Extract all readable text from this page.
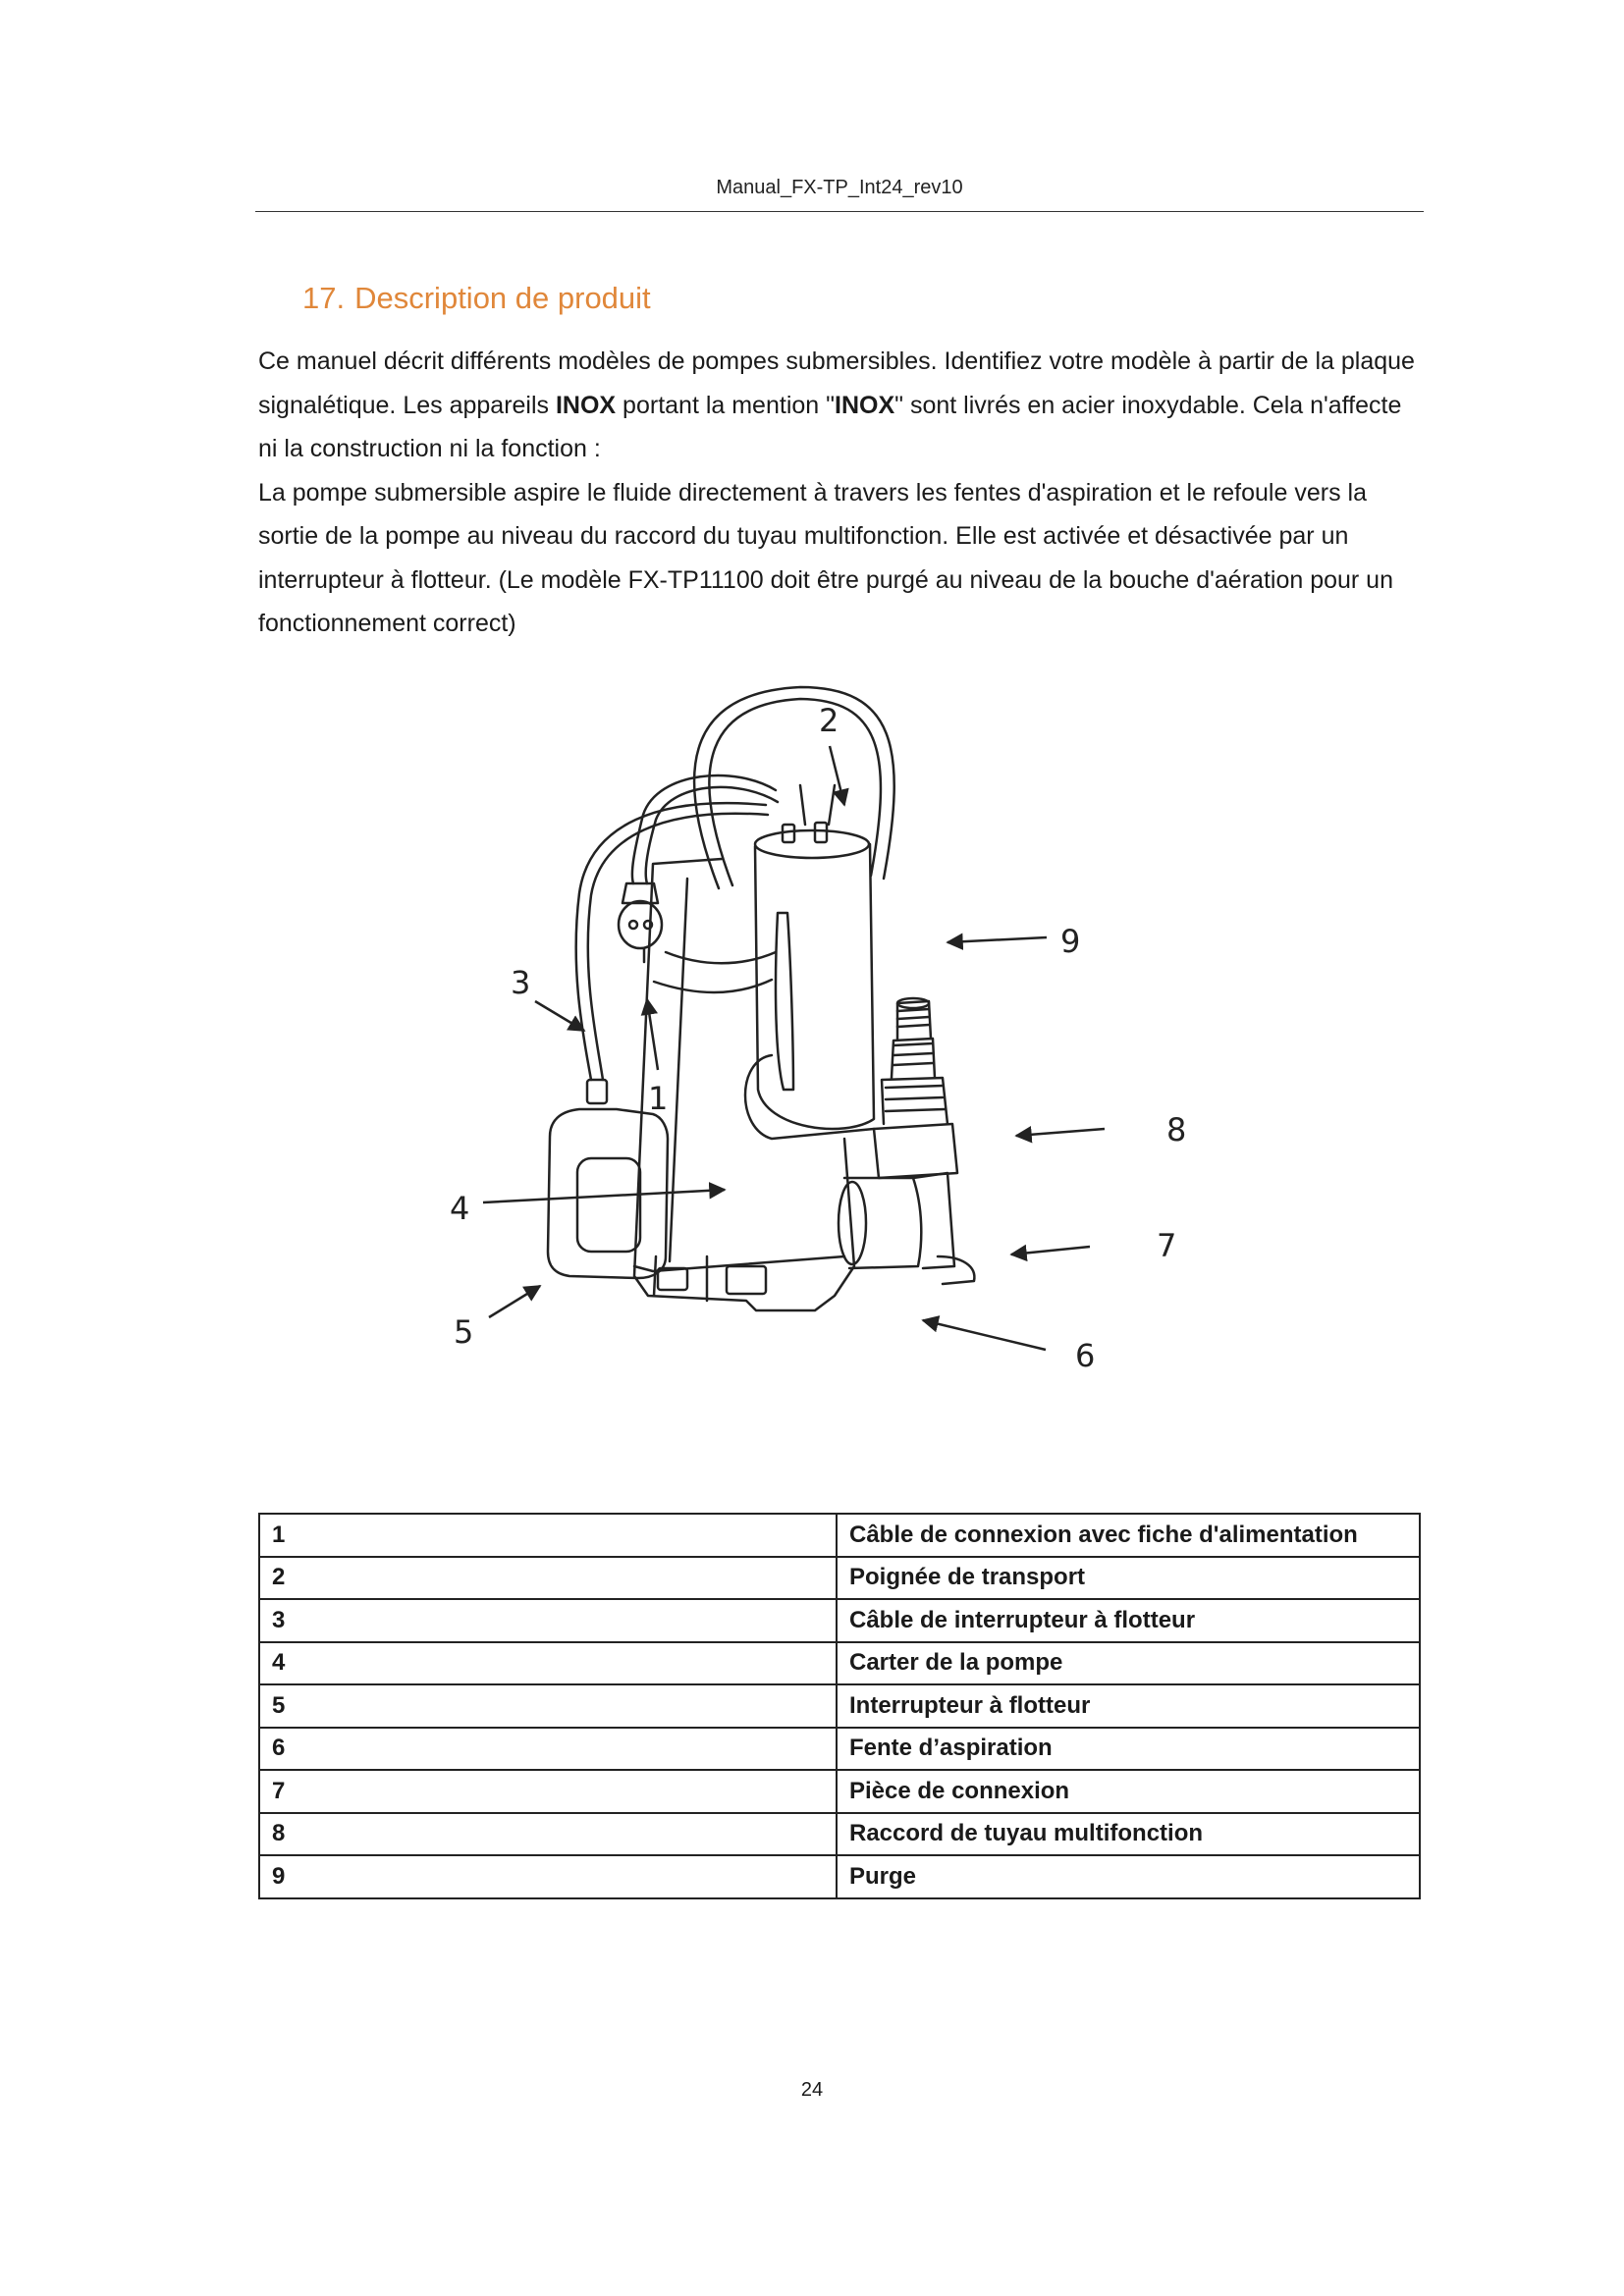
Manual_FX-TP_Int24_rev10
17. Description de produit

Ce manuel décrit différents modèles de pompes submersibles. Identifiez votre modèle à partir de la plaque signalétique. Les appareils INOX portant la mention "INOX" sont livrés en acier inoxydable. Cela n'affecte ni la construction ni la fonction :

La pompe submersible aspire le fluide directement à travers les fentes d'aspiration et le refoule vers la sortie de la pompe au niveau du raccord du tuyau multifonction. Elle est activée et désactivée par un interrupteur à flotteur. (Le modèle FX-TP11100 doit être purgé au niveau de la bouche d'aération pour un fonctionnement correct)

1
2
3
4
5
6
7
8
9
1	Câble de connexion avec fiche d'alimentation
2	Poignée de transport
3	Câble de interrupteur à flotteur
4	Carter de la pompe
5	Interrupteur à flotteur
6	Fente d’aspiration
7	Pièce de connexion
8	Raccord de tuyau multifonction
9	Purge
24
